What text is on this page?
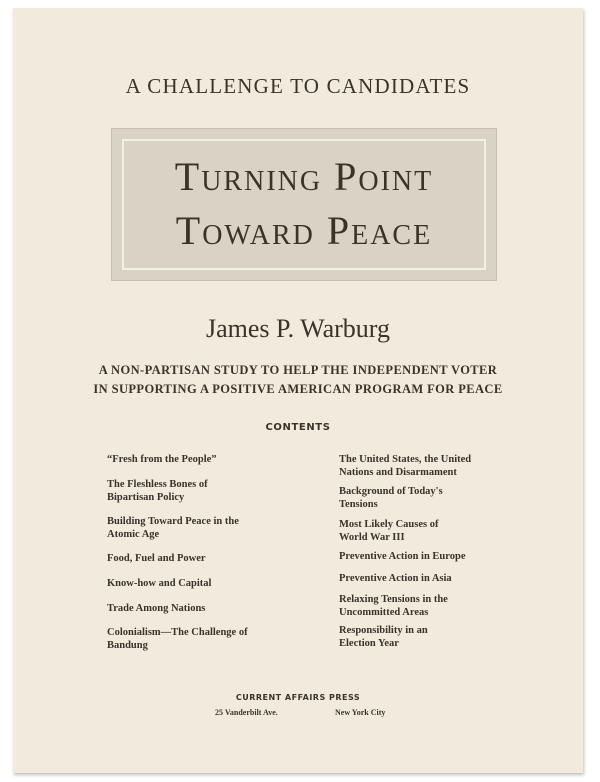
A CHALLENGE TO CANDIDATES
Turning Point
Toward Peace
James P. Warburg
A NON-PARTISAN STUDY TO HELP THE INDEPENDENT VOTER
IN SUPPORTING A POSITIVE AMERICAN PROGRAM FOR PEACE
CONTENTS
“Fresh from the People”
The Fleshless Bones of
Bipartisan Policy
Building Toward Peace in the
Atomic Age
Food, Fuel and Power
Know-how and Capital
Trade Among Nations
Colonialism—The Challenge of
Bandung
The United States, the United
Nations and Disarmament
Background of Today's
Tensions
Most Likely Causes of
World War III
Preventive Action in Europe
Preventive Action in Asia
Relaxing Tensions in the
Uncommitted Areas
Responsibility in an
Election Year
CURRENT AFFAIRS PRESS
25 Vanderbilt Ave.	New York City
